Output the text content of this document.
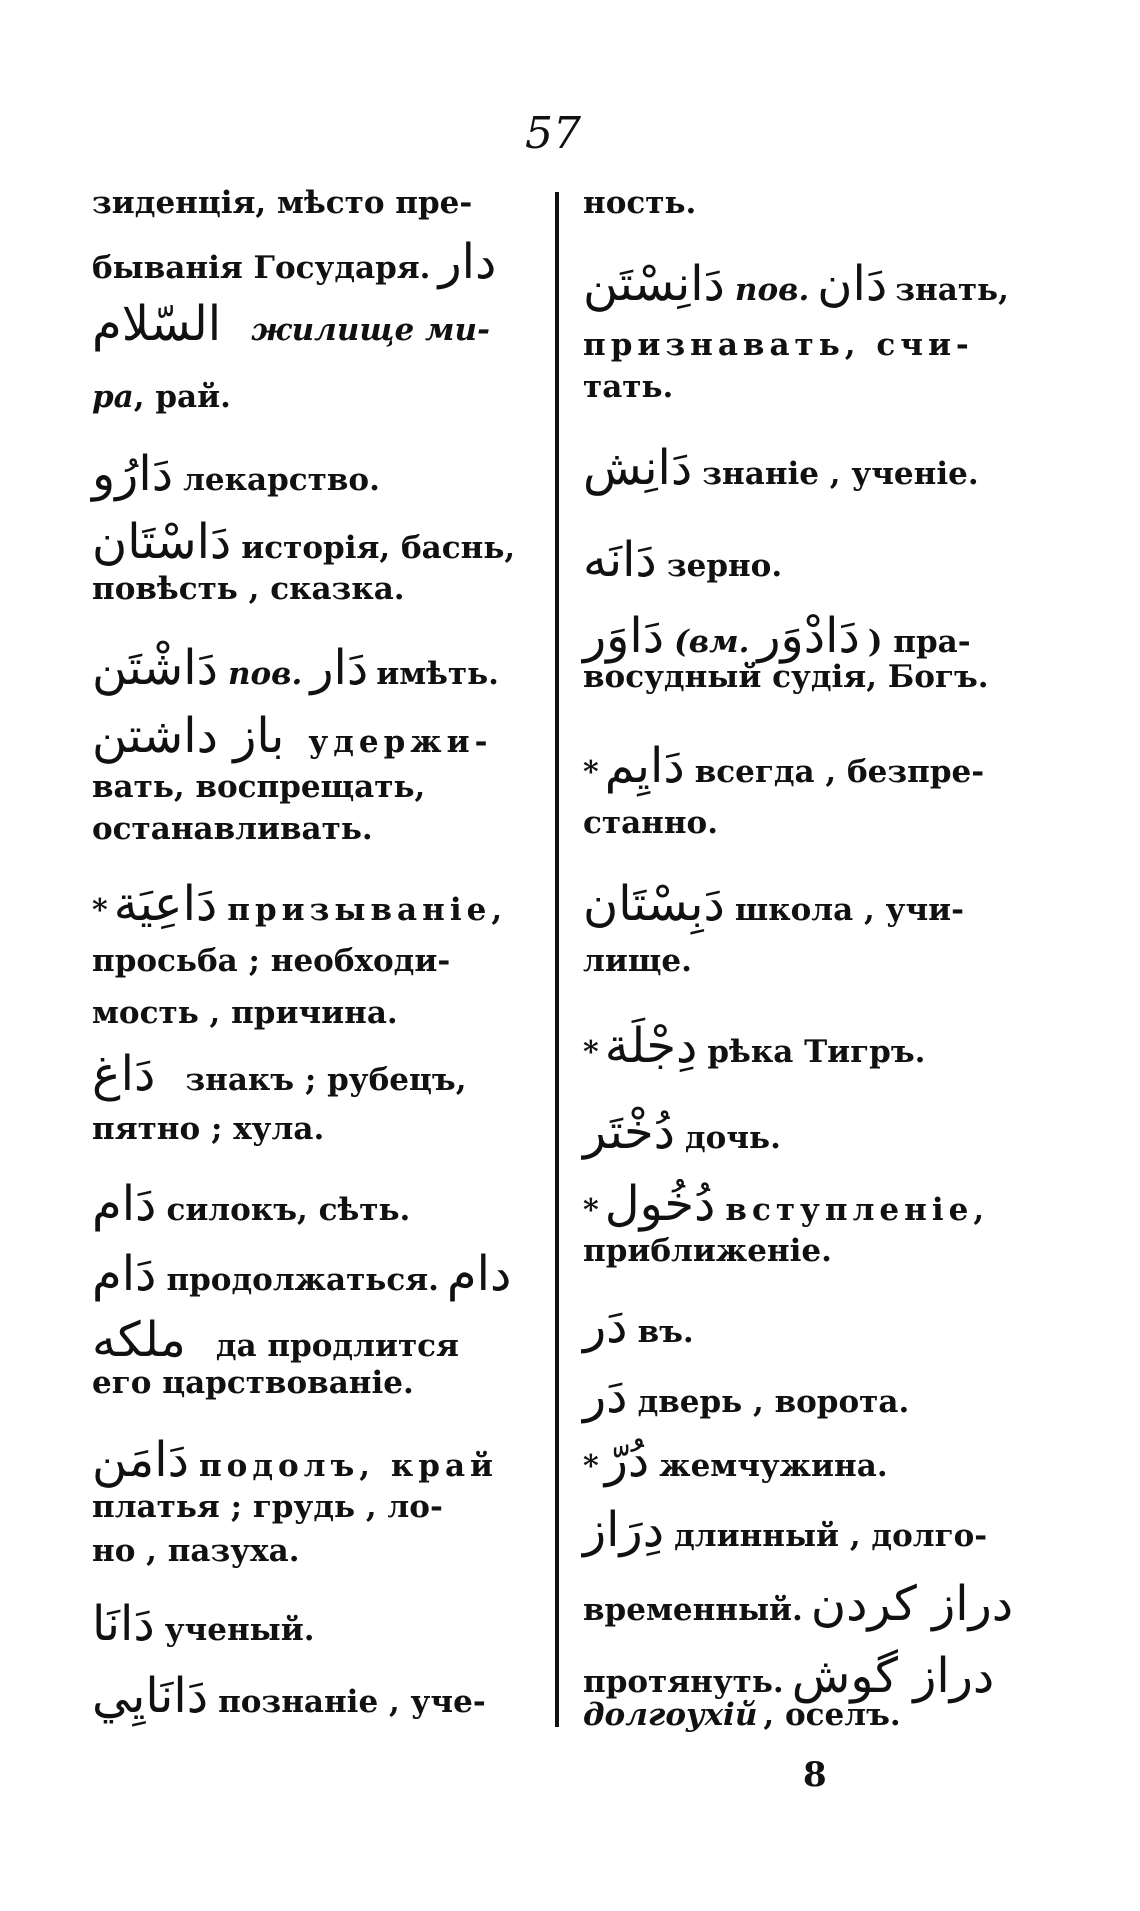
57
зиденція, мѣсто пре-
быванія Государя. دار
السّلام жилище ми-
ра , рай.
دَارُو лекарство.
دَاسْتَان исторія, баснь,
повѣсть , сказка.
دَاشْتَن пов. دَار имѣть.
باز داشتن удержи-
вать, воспрещать,
останавливать.
* دَاعِيَة призываніе,
просьба ; необходи-
мость , причина.
دَاغ знакъ ; рубецъ,
пятно ; хула.
دَام силокъ, сѣть.
دَام продолжаться. دام
ملكه да продлится
его царствованіе.
دَامَن подолъ, край
платья ; грудь , ло-
но , пазуха.
دَانَا ученый.
دَانَايِي познаніе , уче-
ность.
دَانِسْتَن пов. دَان знать,
признавать, счи-
тать.
دَانِش знаніе , ученіе.
دَانَه зерно.
دَاوَر (вм. دَادْوَر ) пра-
восудный судія, Богъ.
* دَايِم всегда , безпре-
станно.
دَبِسْتَان школа , учи-
лище.
* دِجْلَة рѣка Тигръ.
دُخْتَر дочь.
* دُخُول вступленіе,
приближеніе.
دَر въ.
دَر дверь , ворота.
* دُرّ жемчужина.
دِرَاز длинный , долго-
временный. دراز كردن
протянуть. دراز گوش
долгоухій , оселъ.
8
